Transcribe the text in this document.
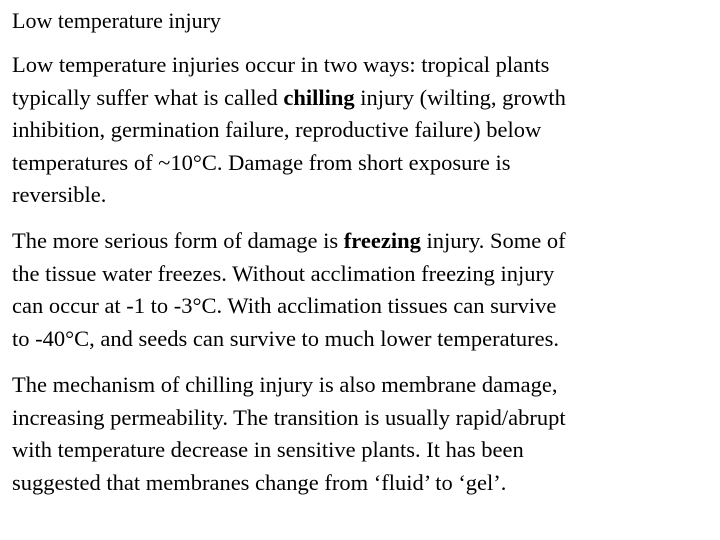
Low temperature injury
Low temperature injuries occur in two ways: tropical plants
typically suffer what is called chilling injury (wilting, growth
inhibition, germination failure, reproductive failure) below
temperatures of ~10°C. Damage from short exposure is
reversible.
The more serious form of damage is freezing injury. Some of
the tissue water freezes. Without acclimation freezing injury
can occur at -1 to -3°C. With acclimation tissues can survive
to -40°C, and seeds can survive to much lower temperatures.
The mechanism of chilling injury is also membrane damage,
increasing permeability. The transition is usually rapid/abrupt
with temperature decrease in sensitive plants. It has been
suggested that membranes change from ‘fluid’ to ‘gel’.
